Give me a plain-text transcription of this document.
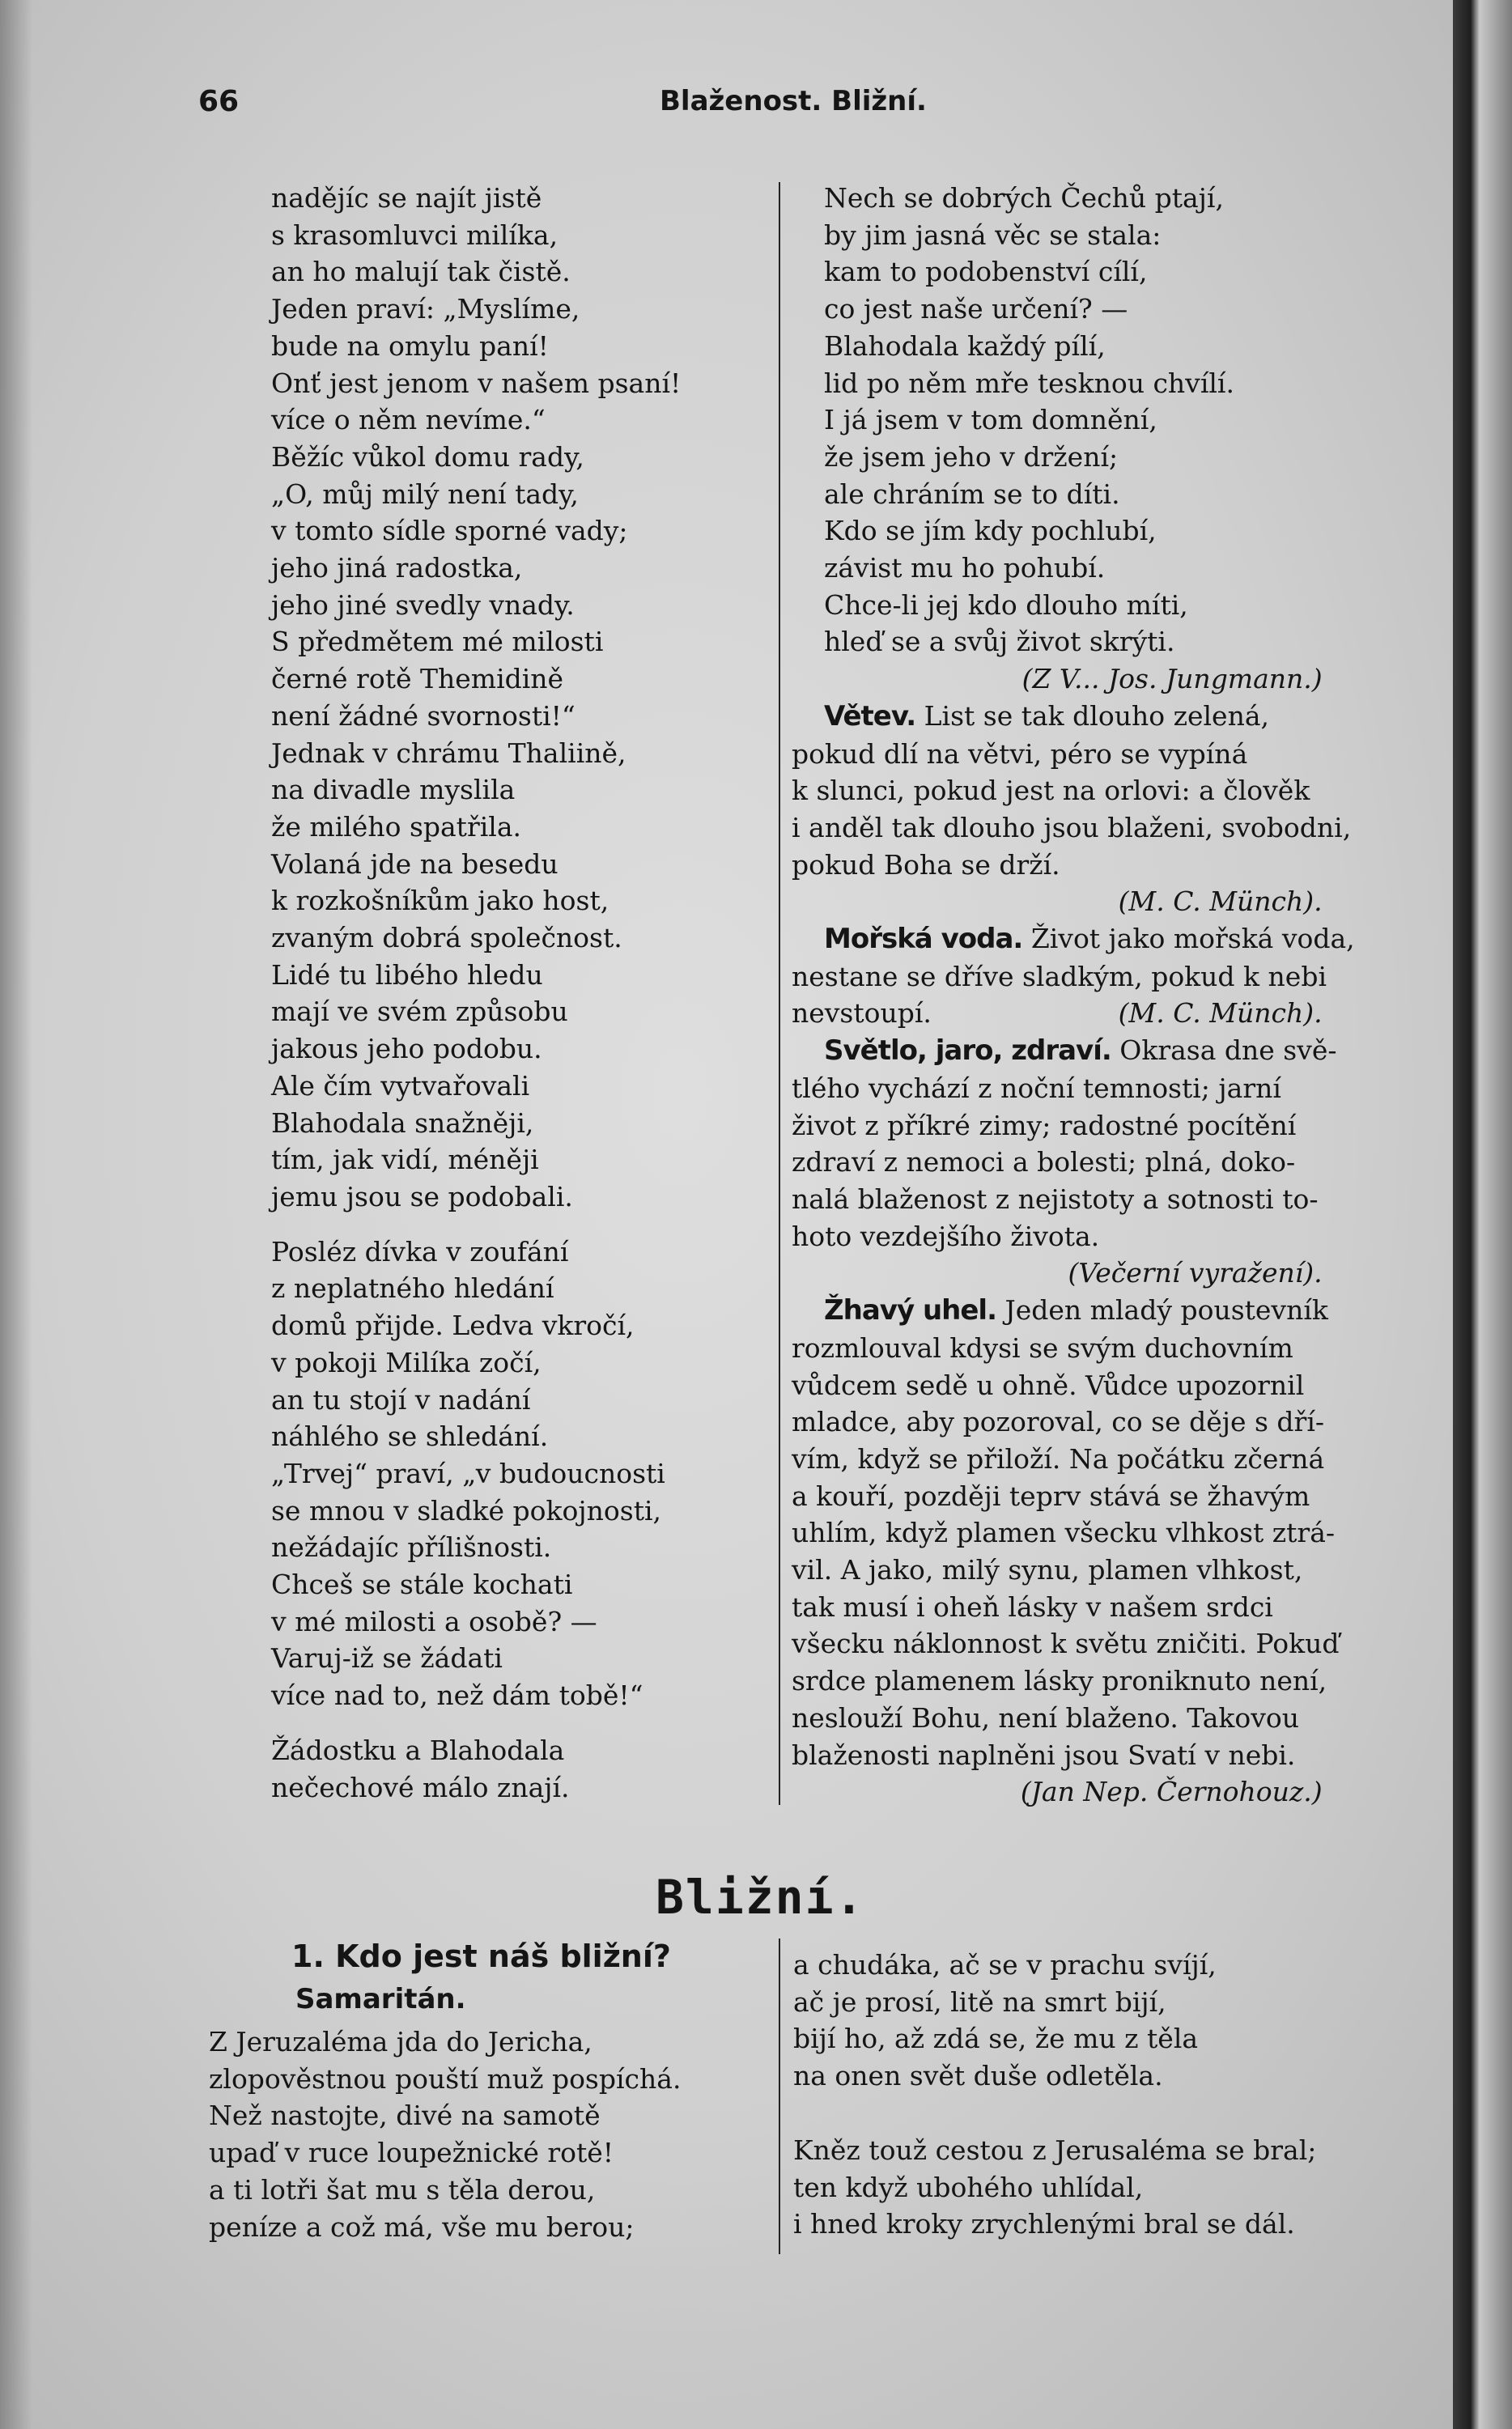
66	Blaženost. Bližní.
nadějíc se najít jistě
s krasomluvci milíka,
an ho malují tak čistě.
Jeden praví: „Myslíme,
bude na omylu paní!
Onť jest jenom v našem psaní!
více o něm nevíme.“
Běžíc vůkol domu rady,
„O, můj milý není tady,
v tomto sídle sporné vady;
jeho jiná radostka,
jeho jiné svedly vnady.
S předmětem mé milosti
černé rotě Themidině
není žádné svornosti!“
Jednak v chrámu Thaliině,
na divadle myslila
že milého spatřila.
Volaná jde na besedu
k rozkošníkům jako host,
zvaným dobrá společnost.
Lidé tu libého hledu
mají ve svém způsobu
jakous jeho podobu.
Ale čím vytvařovali
Blahodala snažněji,
tím, jak vidí, méněji
jemu jsou se podobali.
Posléz dívka v zoufání
z neplatného hledání
domů přijde. Ledva vkročí,
v pokoji Milíka zočí,
an tu stojí v nadání
náhlého se shledání.
„Trvej“ praví, „v budoucnosti
se mnou v sladké pokojnosti,
nežádajíc přílišnosti.
Chceš se stále kochati
v mé milosti a osobě? —
Varuj-iž se žádati
více nad to, než dám tobě!“
Žádostku a Blahodala
nečechové málo znají.
Nech se dobrých Čechů ptají,
by jim jasná věc se stala:
kam to podobenství cílí,
co jest naše určení? —
Blahodala každý pílí,
lid po něm mře tesknou chvílí.
I já jsem v tom domnění,
že jsem jeho v držení;
ale chráním se to díti.
Kdo se jím kdy pochlubí,
závist mu ho pohubí.
Chce-li jej kdo dlouho míti,
hleď se a svůj život skrýti.
(Z V... Jos. Jungmann.)
Větev. List se tak dlouho zelená,
pokud dlí na větvi, péro se vypíná
k slunci, pokud jest na orlovi: a člověk
i anděl tak dlouho jsou blaženi, svobodni,
pokud Boha se drží.
(M. C. Münch).
Mořská voda. Život jako mořská voda,
nestane se dříve sladkým, pokud k nebi
nevstoupí.	(M. C. Münch).
Světlo, jaro, zdraví. Okrasa dne svě-
tlého vychází z noční temnosti; jarní
život z příkré zimy; radostné pocítění
zdraví z nemoci a bolesti; plná, doko-
nalá blaženost z nejistoty a sotnosti to-
hoto vezdejšího života.
(Večerní vyražení).
Žhavý uhel. Jeden mladý poustevník
rozmlouval kdysi se svým duchovním
vůdcem sedě u ohně. Vůdce upozornil
mladce, aby pozoroval, co se děje s dří-
vím, když se přiloží. Na počátku zčerná
a kouří, později teprv stává se žhavým
uhlím, když plamen všecku vlhkost ztrá-
vil. A jako, milý synu, plamen vlhkost,
tak musí i oheň lásky v našem srdci
všecku náklonnost k světu zničiti. Pokuď
srdce plamenem lásky proniknuto není,
neslouží Bohu, není blaženo. Takovou
blaženosti naplněni jsou Svatí v nebi.
(Jan Nep. Černohouz.)
Bližní.
1. Kdo jest náš bližní?
Samaritán.
Z Jeruzaléma jda do Jericha,
zlopověstnou pouští muž pospíchá.
Než nastojte, divé na samotě
upaď v ruce loupežnické rotě!
a ti lotři šat mu s těla derou,
peníze a což má, vše mu berou;
a chudáka, ač se v prachu svíjí,
ač je prosí, litě na smrt bijí,
bijí ho, až zdá se, že mu z těla
na onen svět duše odletěla.
Kněz touž cestou z Jerusaléma se bral;
ten když ubohého uhlídal,
i hned kroky zrychlenými bral se dál.
